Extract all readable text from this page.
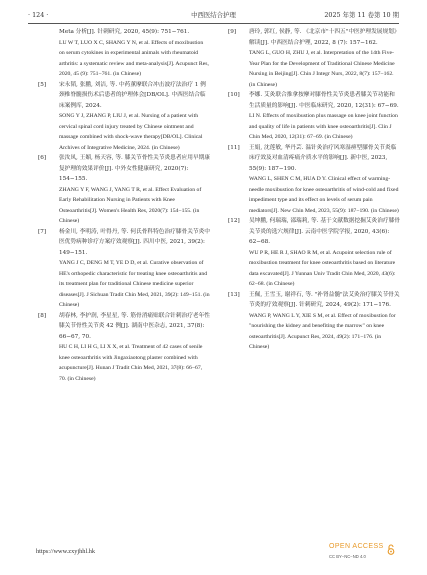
· 124 ·	中西医结合护理	2025 年第 11 卷第 10 期

Meta 分析[J]. 针刺研究, 2020, 45(9): 751−761.

LU W T, LUO X C, SHANG Y N, et al. Effects of moxibustion on serum cytokines in experimental animals with rheumatoid arthritis: a systematic review and meta-analysis[J]. Acupunct Res, 2020, 45 (9): 751−761. (in Chinese)

[5] 宋永韬, 张鹏, 刘洁, 等. 中药薰摩联合冲击波疗法治疗 1 例颈椎脊髓损伤术后患者的护理体会[DB/OL]. 中西医结合临床案例库, 2024.

SONG Y J, ZHANG P, LIU J, et al. Nursing of a patient with cervical spinal cord injury treated by Chinese ointment and massage combined with shock-wave therapy[DB/OL]. Clinical Archives of Integrative Medicine, 2024. (in Chinese)

[6] 张汝凤, 王媚, 杨天容, 等. 膝关节骨性关节炎患者应用早期康复护理的效果评价[J]. 中外女性健康研究, 2020(7): 154−155.

ZHANG Y F, WANG J, YANG T R, et al. Effect Evaluation of Early Rehabilitation Nursing in Patients with Knee Osteoarthritis[J]. Women's Health Res, 2020(7): 154−155. (in Chinese)

[7] 杨金川, 李明涛, 叶得丹, 等. 何氏骨科特色治疗膝骨关节炎中医优势病种诊疗方案疗效观察[J]. 四川中医, 2021, 39(2): 149−151.

YANG J C, DENG M T, YE D D, et al. Curative observation of HE's orthopedic characteristic for treating knee osteoarthritis and its treatment plan for traditional Chinese medicine superior diseases[J]. J Sichuan Tradit Chin Med, 2021, 39(2): 149−151. (in Chinese)

[8] 胡春林, 李护润, 李星星, 等. 筋骨消痛贴联合针刺治疗老年性膝关节骨性关节炎 42 例[J]. 湖南中医杂志, 2021, 37(8): 66−67, 70.

HU C H, LI H G, LI X X, et al. Treatment of 42 cases of senile knee osteoarthritis with Jingaxiaotong plaster combined with acupuncture[J]. Hunan J Tradit Chin Med, 2021, 37(8): 66−67, 70. (in Chinese)

[9] 唐玲, 郭红, 侯静, 等. 《北京市"十四五"中医护理发展规划》解读[J]. 中西医结合护理, 2022, 8 (7): 157−162.

TANG L, GUO H, ZHU J, et al. Interpretation of the 14th Five-Year Plan for the Development of Traditional Chinese Medicine Nursing in Beijing[J]. Chin J Integr Nurs, 2022, 8(7): 157−162. (in Chinese)

[10] 李娜. 艾灸联合推拿按摩对膝骨性关节炎患者膝关节功能和生活质量的影响[J]. 中医临床研究, 2020, 12(31): 67−69.

LI N. Effects of moxibustion plus massage on knee joint function and quality of life in patients with knee osteoarthritis[J]. Clin J Chin Med, 2020, 12(31): 67−69. (in Chinese)

[11] 王娟, 沈莲敏, 华丹芸. 温针灸治疗风寒湿痹型膝骨关节炎临床疗效及对血清疼痛介质水平的影响[J]. 新中医, 2023, 55(9): 187−190.

WANG L, SHEN C M, HUA D Y. Clinical effect of warming-needle moxibustion for knee osteoarthritis of wind-cold and fixed impediment type and its effect on levels of serum pain mediators[J]. New Chin Med, 2023, 55(9): 187−190. (in Chinese)

[12] 吴坤鹏, 何瑞瑞, 邵瑞莉, 等. 基于文献数据挖掘艾灸治疗膝骨关节炎的选穴规律[J]. 云南中医学院学报, 2020, 43(6): 62−68.

WU P R, HE R J, SHAO R M, et al. Acupoint selection rule of moxibustion treatment for knee osteoarthritis based on literature data excavated[J]. J Yunnan Univ Tradit Chin Med, 2020, 43(6): 62−68. (in Chinese)

[13] 王佩, 王雪玉, 谢祥石, 等. "补肾益髓"法艾灸治疗膝关节骨关节炎的疗效观察[J]. 针刺研究, 2024, 49(2): 171−176.

WANG P, WANG L Y, XIE S M, et al. Effect of moxibustion for "nourishing the kidney and benefiting the marrow" on knee osteoarthritis[J]. Acupunct Res, 2024, 49(2): 171−176. (in Chinese)

https://www.zxyjhhl.hk
OPEN ACCESS
CC BY−NC−ND 4.0
